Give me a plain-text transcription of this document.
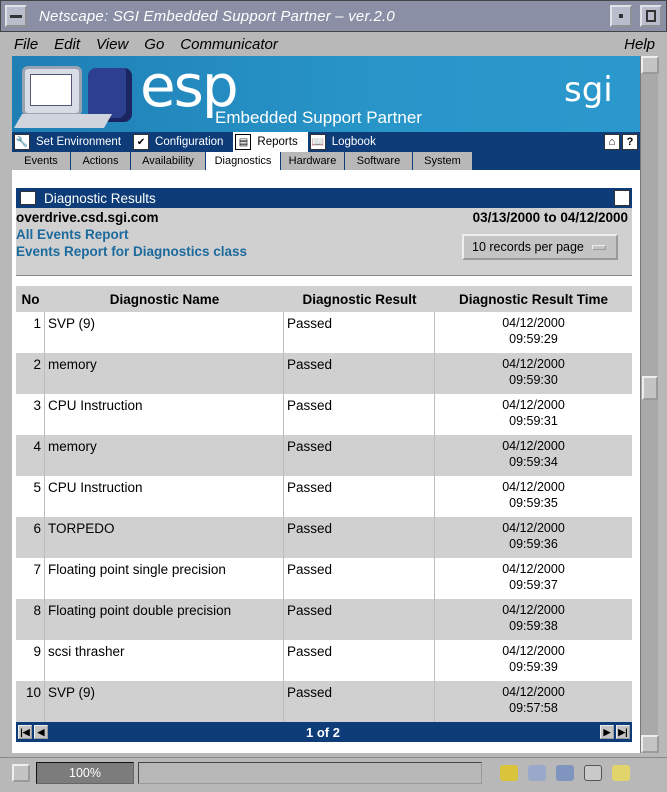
Netscape: SGI Embedded Support Partner – ver.2.0
File Edit View Go Communicator	Help
esp
Embedded Support Partner
sgi
🔧 Set Environment	✔ Configuration	▤ Reports 📖 Logbook	⌂	?
Events	Actions	Availability	Diagnostics	Hardware	Software	System
Diagnostic Results
overdrive.csd.sgi.com	03/13/2000 to 04/12/2000
All Events Report
Events Report for Diagnostics class	10 records per page
No	Diagnostic Name	Diagnostic Result	Diagnostic Result Time
1 SVP (9)	Passed	04/12/2000
09:59:29
2 memory	Passed	04/12/2000
09:59:30
3 CPU Instruction	Passed	04/12/2000
09:59:31
4 memory	Passed	04/12/2000
09:59:34
5 CPU Instruction	Passed	04/12/2000
09:59:35
6 TORPEDO	Passed	04/12/2000
09:59:36
7 Floating point single precision	Passed	04/12/2000
09:59:37
8 Floating point double precision	Passed	04/12/2000
09:59:38
9 scsi thrasher	Passed	04/12/2000
09:59:39
10 SVP (9)	Passed	04/12/2000
09:57:58
|◀ ◀	1 of 2	▶ ▶|
100%
